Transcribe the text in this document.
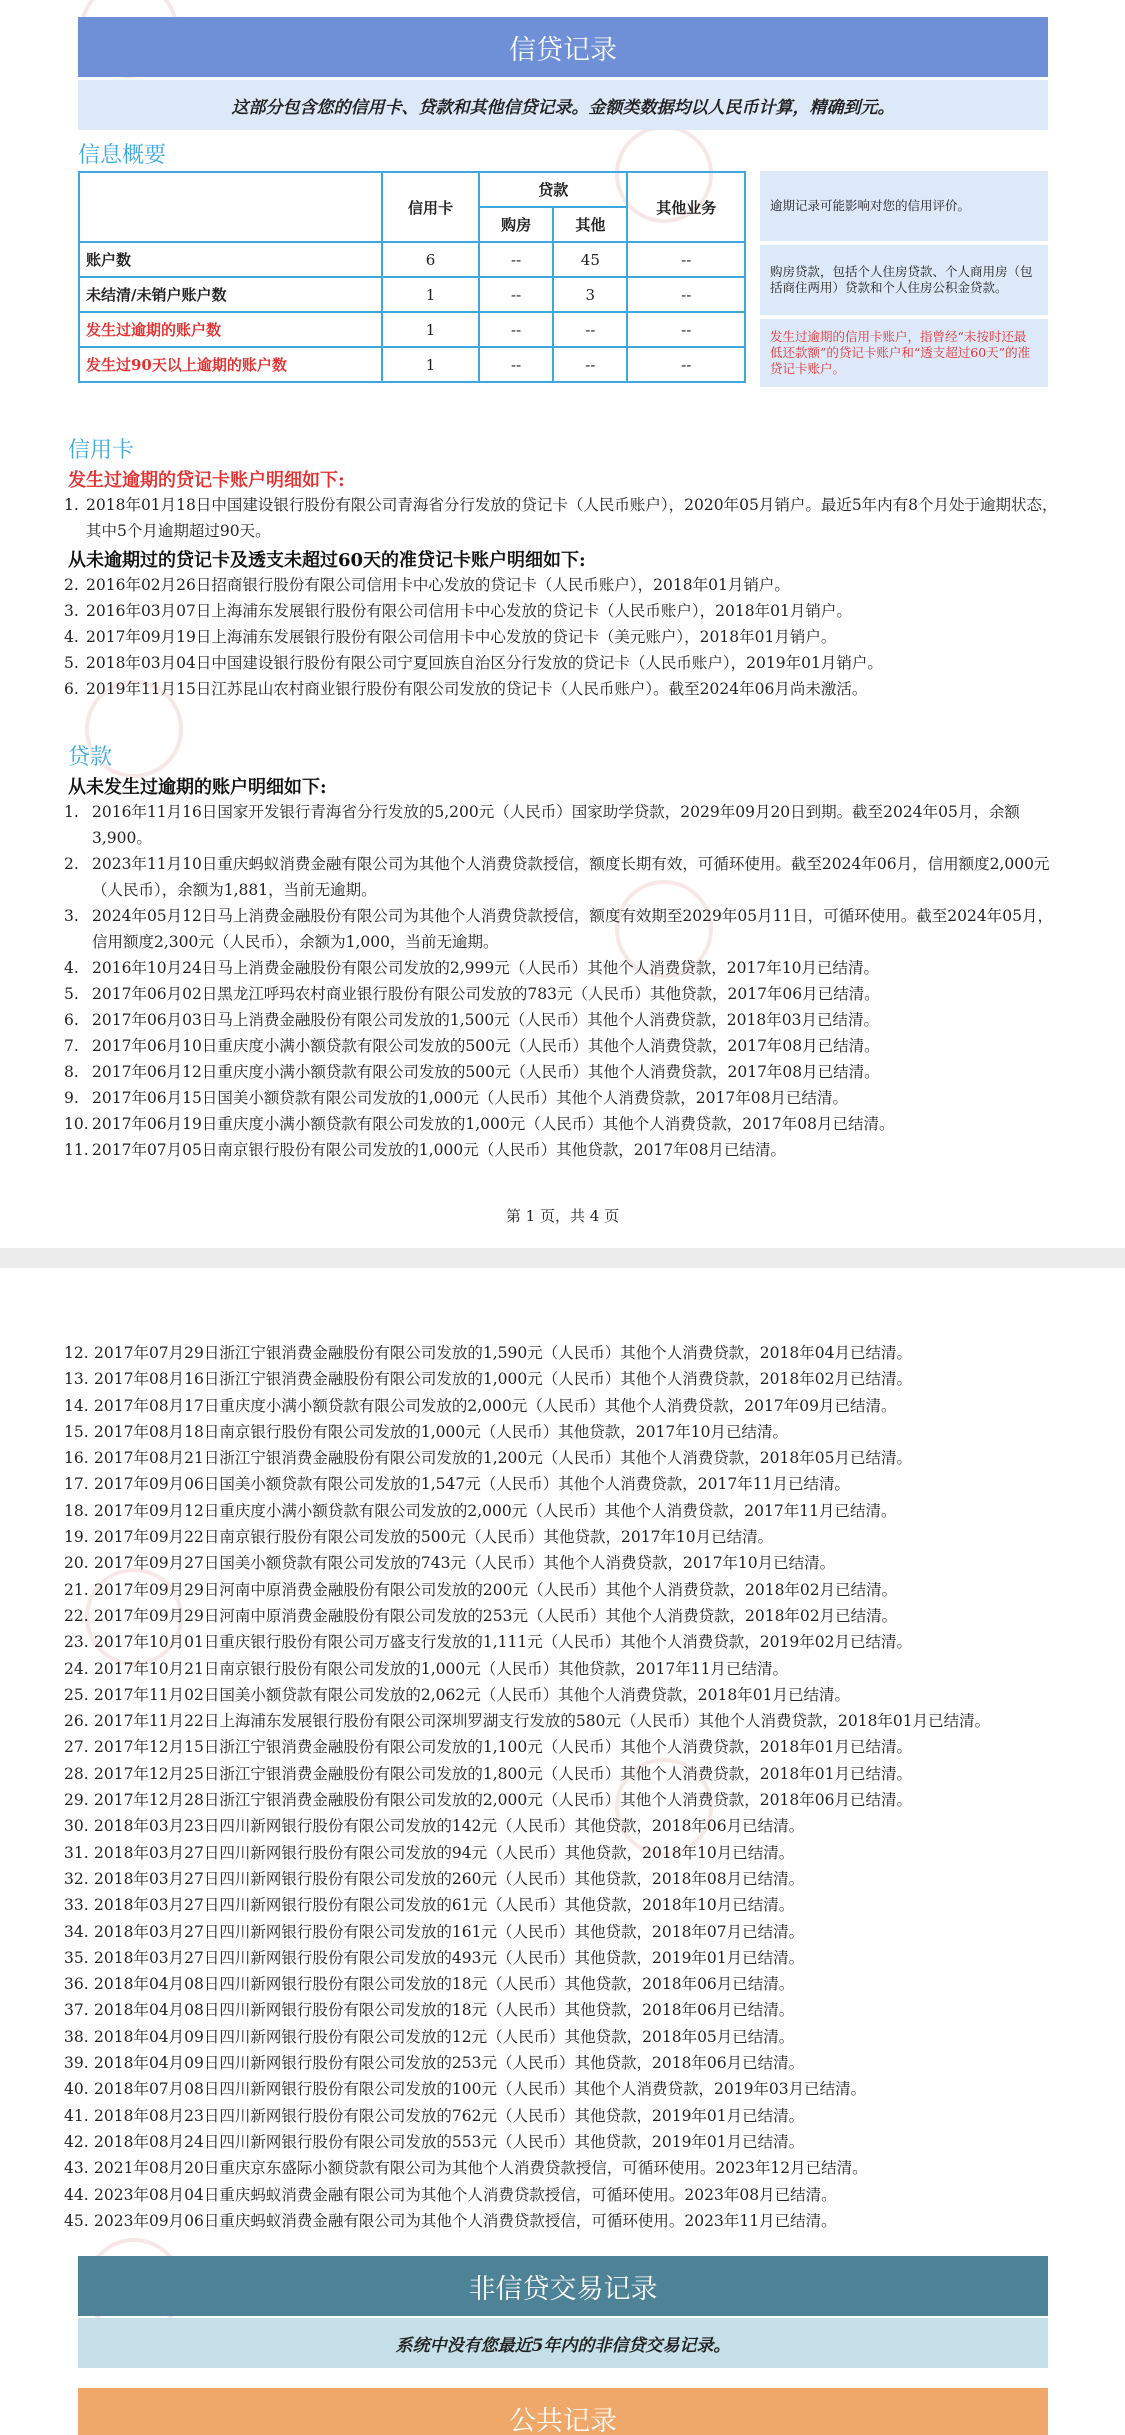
信贷记录
这部分包含您的信用卡、贷款和其他信贷记录。金额类数据均以人民币计算，精确到元。
信息概要
	信用卡	贷款		其他业务
		购房	其他	
账户数	6	--	45	--
未结清/未销户账户数	1	--	3	--
发生过逾期的账户数	1	--	--	--
发生过90天以上逾期的账户数	1	--	--	--
逾期记录可能影响对您的信用评价。
购房贷款，包括个人住房贷款、个人商用房（包括商住两用）贷款和个人住房公积金贷款。
发生过逾期的信用卡账户，指曾经“未按时还最低还款额”的贷记卡账户和“透支超过60天”的准贷记卡账户。
信用卡
发生过逾期的贷记卡账户明细如下:
1. 2018年01月18日中国建设银行股份有限公司青海省分行发放的贷记卡（人民币账户），2020年05月销户。最近5年内有8个月处于逾期状态，其中5个月逾期超过90天。
从未逾期过的贷记卡及透支未超过60天的准贷记卡账户明细如下:
2. 2016年02月26日招商银行股份有限公司信用卡中心发放的贷记卡（人民币账户），2018年01月销户。
3. 2016年03月07日上海浦东发展银行股份有限公司信用卡中心发放的贷记卡（人民币账户），2018年01月销户。
4. 2017年09月19日上海浦东发展银行股份有限公司信用卡中心发放的贷记卡（美元账户），2018年01月销户。
5. 2018年03月04日中国建设银行股份有限公司宁夏回族自治区分行发放的贷记卡（人民币账户），2019年01月销户。
6. 2019年11月15日江苏昆山农村商业银行股份有限公司发放的贷记卡（人民币账户）。截至2024年06月尚未激活。
贷款
从未发生过逾期的账户明细如下:
1. 2016年11月16日国家开发银行青海省分行发放的5,200元（人民币）国家助学贷款，2029年09月20日到期。截至2024年05月，余额3,900。
2. 2023年11月10日重庆蚂蚁消费金融有限公司为其他个人消费贷款授信，额度长期有效，可循环使用。截至2024年06月，信用额度2,000元（人民币），余额为1,881，当前无逾期。
3. 2024年05月12日马上消费金融股份有限公司为其他个人消费贷款授信，额度有效期至2029年05月11日，可循环使用。截至2024年05月，信用额度2,300元（人民币），余额为1,000，当前无逾期。
4. 2016年10月24日马上消费金融股份有限公司发放的2,999元（人民币）其他个人消费贷款，2017年10月已结清。
5. 2017年06月02日黑龙江呼玛农村商业银行股份有限公司发放的783元（人民币）其他贷款，2017年06月已结清。
6. 2017年06月03日马上消费金融股份有限公司发放的1,500元（人民币）其他个人消费贷款，2018年03月已结清。
7. 2017年06月10日重庆度小满小额贷款有限公司发放的500元（人民币）其他个人消费贷款，2017年08月已结清。
8. 2017年06月12日重庆度小满小额贷款有限公司发放的500元（人民币）其他个人消费贷款，2017年08月已结清。
9. 2017年06月15日国美小额贷款有限公司发放的1,000元（人民币）其他个人消费贷款，2017年08月已结清。
10. 2017年06月19日重庆度小满小额贷款有限公司发放的1,000元（人民币）其他个人消费贷款，2017年08月已结清。
11. 2017年07月05日南京银行股份有限公司发放的1,000元（人民币）其他贷款，2017年08月已结清。
第 1 页，共 4 页
12. 2017年07月29日浙江宁银消费金融股份有限公司发放的1,590元（人民币）其他个人消费贷款，2018年04月已结清。
13. 2017年08月16日浙江宁银消费金融股份有限公司发放的1,000元（人民币）其他个人消费贷款，2018年02月已结清。
14. 2017年08月17日重庆度小满小额贷款有限公司发放的2,000元（人民币）其他个人消费贷款，2017年09月已结清。
15. 2017年08月18日南京银行股份有限公司发放的1,000元（人民币）其他贷款，2017年10月已结清。
16. 2017年08月21日浙江宁银消费金融股份有限公司发放的1,200元（人民币）其他个人消费贷款，2018年05月已结清。
17. 2017年09月06日国美小额贷款有限公司发放的1,547元（人民币）其他个人消费贷款，2017年11月已结清。
18. 2017年09月12日重庆度小满小额贷款有限公司发放的2,000元（人民币）其他个人消费贷款，2017年11月已结清。
19. 2017年09月22日南京银行股份有限公司发放的500元（人民币）其他贷款，2017年10月已结清。
20. 2017年09月27日国美小额贷款有限公司发放的743元（人民币）其他个人消费贷款，2017年10月已结清。
21. 2017年09月29日河南中原消费金融股份有限公司发放的200元（人民币）其他个人消费贷款，2018年02月已结清。
22. 2017年09月29日河南中原消费金融股份有限公司发放的253元（人民币）其他个人消费贷款，2018年02月已结清。
23. 2017年10月01日重庆银行股份有限公司万盛支行发放的1,111元（人民币）其他个人消费贷款，2019年02月已结清。
24. 2017年10月21日南京银行股份有限公司发放的1,000元（人民币）其他贷款，2017年11月已结清。
25. 2017年11月02日国美小额贷款有限公司发放的2,062元（人民币）其他个人消费贷款，2018年01月已结清。
26. 2017年11月22日上海浦东发展银行股份有限公司深圳罗湖支行发放的580元（人民币）其他个人消费贷款，2018年01月已结清。
27. 2017年12月15日浙江宁银消费金融股份有限公司发放的1,100元（人民币）其他个人消费贷款，2018年01月已结清。
28. 2017年12月25日浙江宁银消费金融股份有限公司发放的1,800元（人民币）其他个人消费贷款，2018年01月已结清。
29. 2017年12月28日浙江宁银消费金融股份有限公司发放的2,000元（人民币）其他个人消费贷款，2018年06月已结清。
30. 2018年03月23日四川新网银行股份有限公司发放的142元（人民币）其他贷款，2018年06月已结清。
31. 2018年03月27日四川新网银行股份有限公司发放的94元（人民币）其他贷款，2018年10月已结清。
32. 2018年03月27日四川新网银行股份有限公司发放的260元（人民币）其他贷款，2018年08月已结清。
33. 2018年03月27日四川新网银行股份有限公司发放的61元（人民币）其他贷款，2018年10月已结清。
34. 2018年03月27日四川新网银行股份有限公司发放的161元（人民币）其他贷款，2018年07月已结清。
35. 2018年03月27日四川新网银行股份有限公司发放的493元（人民币）其他贷款，2019年01月已结清。
36. 2018年04月08日四川新网银行股份有限公司发放的18元（人民币）其他贷款，2018年06月已结清。
37. 2018年04月08日四川新网银行股份有限公司发放的18元（人民币）其他贷款，2018年06月已结清。
38. 2018年04月09日四川新网银行股份有限公司发放的12元（人民币）其他贷款，2018年05月已结清。
39. 2018年04月09日四川新网银行股份有限公司发放的253元（人民币）其他贷款，2018年06月已结清。
40. 2018年07月08日四川新网银行股份有限公司发放的100元（人民币）其他个人消费贷款，2019年03月已结清。
41. 2018年08月23日四川新网银行股份有限公司发放的762元（人民币）其他贷款，2019年01月已结清。
42. 2018年08月24日四川新网银行股份有限公司发放的553元（人民币）其他贷款，2019年01月已结清。
43. 2021年08月20日重庆京东盛际小额贷款有限公司为其他个人消费贷款授信，可循环使用。2023年12月已结清。
44. 2023年08月04日重庆蚂蚁消费金融有限公司为其他个人消费贷款授信，可循环使用。2023年08月已结清。
45. 2023年09月06日重庆蚂蚁消费金融有限公司为其他个人消费贷款授信，可循环使用。2023年11月已结清。
非信贷交易记录
系统中没有您最近5年内的非信贷交易记录。
公共记录
